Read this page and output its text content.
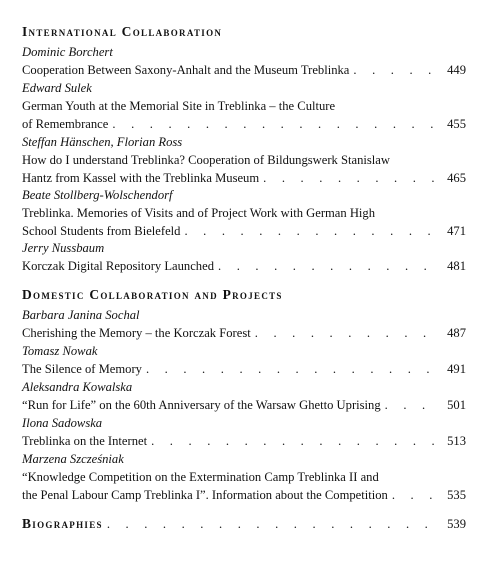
International Collaboration
Dominic Borchert
Cooperation Between Saxony-Anhalt and the Museum Treblinka . . .	449
Edward Sulek
German Youth at the Memorial Site in Treblinka – the Culture
of Remembrance . . .	455
Steffan Hänschen, Florian Ross
How do I understand Treblinka? Cooperation of Bildungswerk Stanislaw
Hantz from Kassel with the Treblinka Museum . . .	465
Beate Stollberg-Wolschendorf
Treblinka. Memories of Visits and of Project Work with German High
School Students from Bielefeld . . .	471
Jerry Nussbaum
Korczak Digital Repository Launched . . .	481
Domestic Collaboration and Projects
Barbara Janina Sochal
Cherishing the Memory – the Korczak Forest . . .	487
Tomasz Nowak
The Silence of Memory . . .	491
Aleksandra Kowalska
“Run for Life” on the 60th Anniversary of the Warsaw Ghetto Uprising . . .	501
Ilona Sadowska
Treblinka on the Internet . . .	513
Marzena Szcześniak
“Knowledge Competition on the Extermination Camp Treblinka II and
the Penal Labour Camp Treblinka I”. Information about the Competition . . .	535
Biographies . . .	539
